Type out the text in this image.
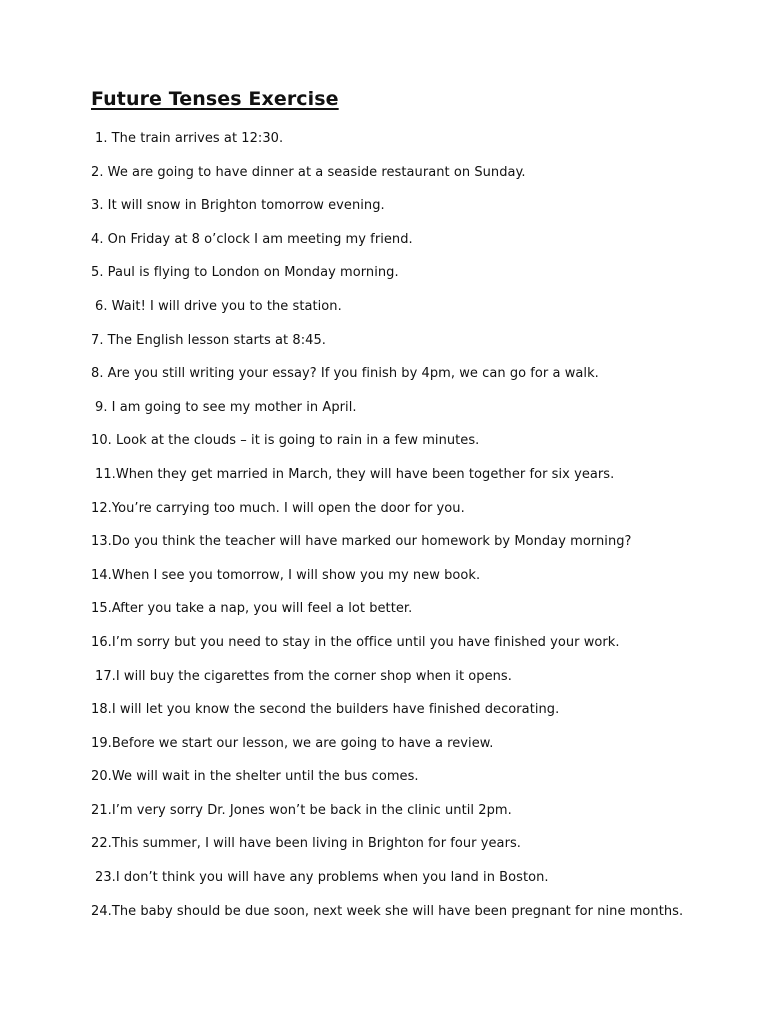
Future Tenses Exercise
1. The train arrives at 12:30.
2. We are going to have dinner at a seaside restaurant on Sunday.
3. It will snow in Brighton tomorrow evening.
4. On Friday at 8 o’clock I am meeting my friend.
5. Paul is flying to London on Monday morning.
6. Wait! I will drive you to the station.
7. The English lesson starts at 8:45.
8. Are you still writing your essay? If you finish by 4pm, we can go for a walk.
9. I am going to see my mother in April.
10. Look at the clouds – it is going to rain in a few minutes.
11.When they get married in March, they will have been together for six years.
12.You’re carrying too much. I will open the door for you.
13.Do you think the teacher will have marked our homework by Monday morning?
14.When I see you tomorrow, I will show you my new book.
15.After you take a nap, you will feel a lot better.
16.I’m sorry but you need to stay in the office until you have finished your work.
17.I will buy the cigarettes from the corner shop when it opens.
18.I will let you know the second the builders have finished decorating.
19.Before we start our lesson, we are going to have a review.
20.We will wait in the shelter until the bus comes.
21.I’m very sorry Dr. Jones won’t be back in the clinic until 2pm.
22.This summer, I will have been living in Brighton for four years.
23.I don’t think you will have any problems when you land in Boston.
24.The baby should be due soon, next week she will have been pregnant for nine months.
